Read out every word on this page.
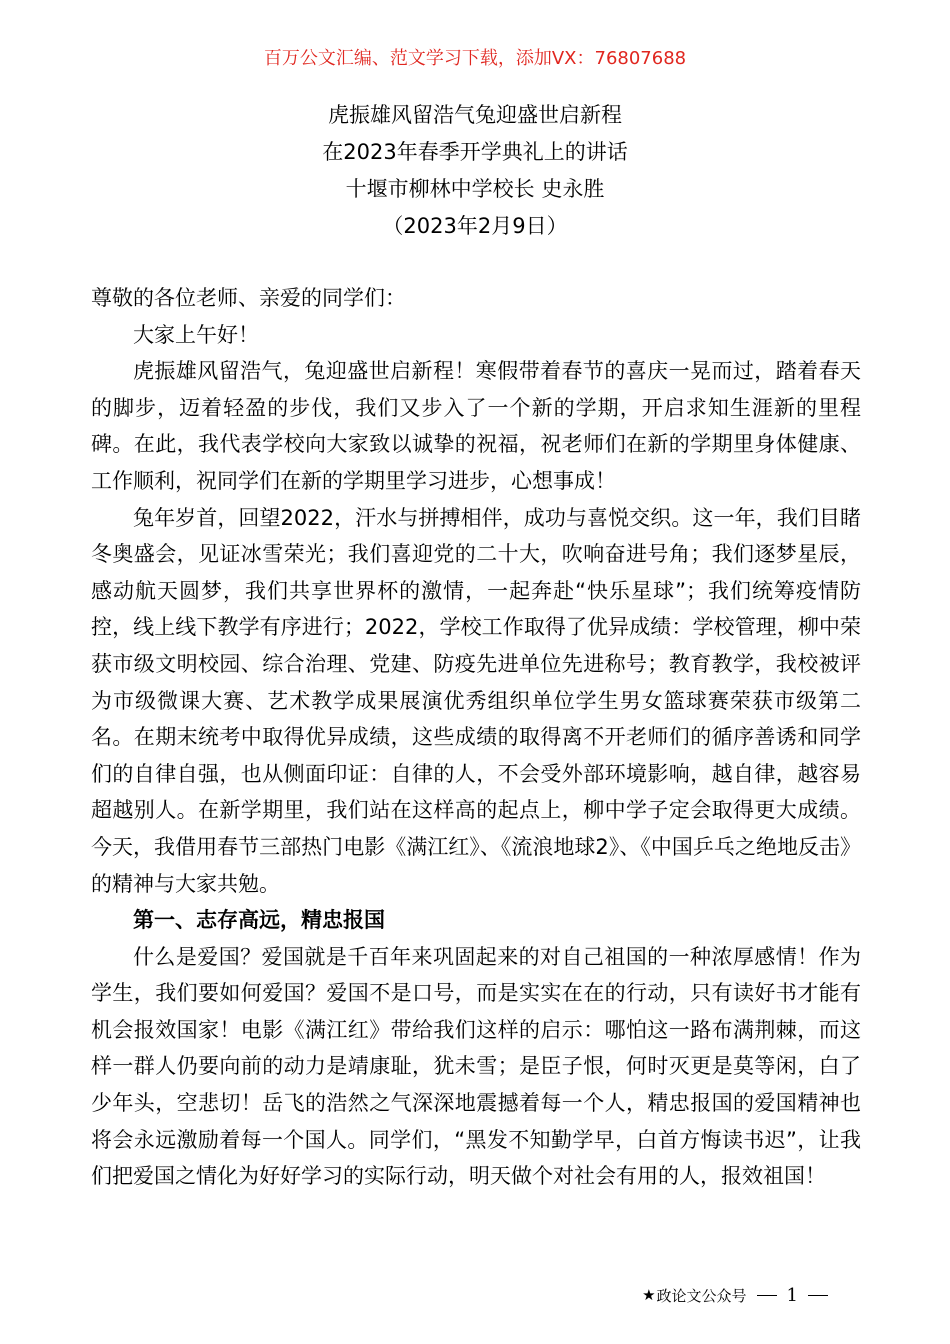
百万公文汇编、范文学习下载，添加VX：76807688
虎振雄风留浩气兔迎盛世启新程
在2023年春季开学典礼上的讲话
十堰市柳林中学校长 史永胜
（2023年2月9日）

尊敬的各位老师、亲爱的同学们：

大家上午好！

虎振雄风留浩气，兔迎盛世启新程！寒假带着春节的喜庆一晃而过，踏着春天的脚步，迈着轻盈的步伐，我们又步入了一个新的学期，开启求知生涯新的里程碑。在此，我代表学校向大家致以诚挚的祝福，祝老师们在新的学期里身体健康、工作顺利，祝同学们在新的学期里学习进步，心想事成！

兔年岁首，回望2022，汗水与拼搏相伴，成功与喜悦交织。这一年，我们目睹冬奥盛会，见证冰雪荣光；我们喜迎党的二十大，吹响奋进号角；我们逐梦星辰，感动航天圆梦，我们共享世界杯的激情，一起奔赴“快乐星球”；我们统筹疫情防控，线上线下教学有序进行；2022，学校工作取得了优异成绩：学校管理，柳中荣获市级文明校园、综合治理、党建、防疫先进单位先进称号；教育教学，我校被评为市级微课大赛、艺术教学成果展演优秀组织单位学生男女篮球赛荣获市级第二名。在期末统考中取得优异成绩，这些成绩的取得离不开老师们的循序善诱和同学们的自律自强，也从侧面印证：自律的人，不会受外部环境影响，越自律，越容易超越别人。在新学期里，我们站在这样高的起点上，柳中学子定会取得更大成绩。今天，我借用春节三部热门电影《满江红》、《流浪地球2》、《中国乒乓之绝地反击》的精神与大家共勉。

第一、志存高远，精忠报国

什么是爱国？爱国就是千百年来巩固起来的对自己祖国的一种浓厚感情！作为学生，我们要如何爱国？爱国不是口号，而是实实在在的行动，只有读好书才能有机会报效国家！电影《满江红》带给我们这样的启示：哪怕这一路布满荆棘，而这样一群人仍要向前的动力是靖康耻，犹未雪；是臣子恨，何时灭更是莫等闲，白了少年头，空悲切！岳飞的浩然之气深深地震撼着每一个人，精忠报国的爱国精神也将会永远激励着每一个国人。同学们，“黑发不知勤学早，白首方悔读书迟”，让我们把爱国之情化为好好学习的实际行动，明天做个对社会有用的人，报效祖国！

★ 政论文公众号 1
